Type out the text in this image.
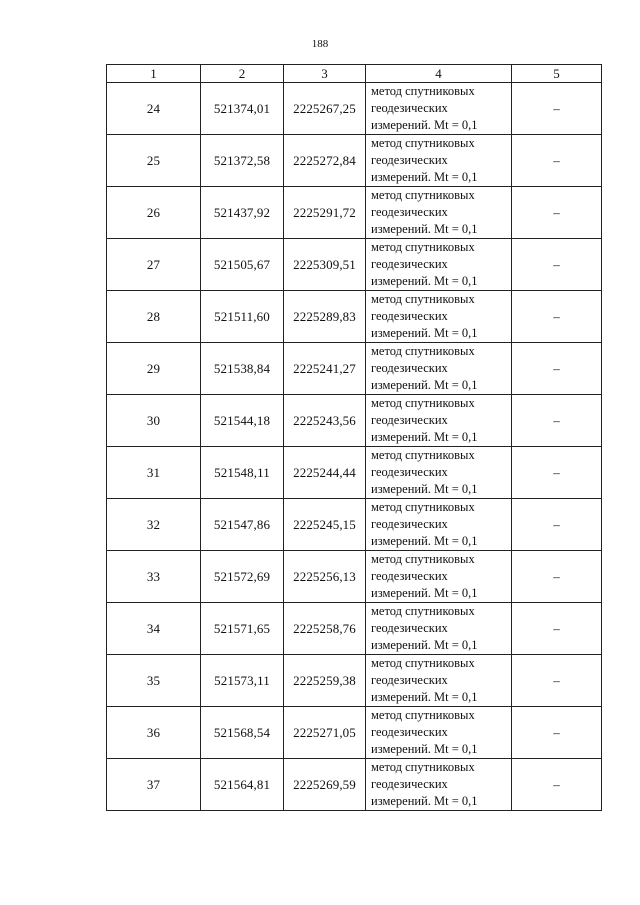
188
1	2	3	4	5
24	521374,01	2225267,25	метод спутниковых
геодезических
измерений. Mt = 0,1	–
25	521372,58	2225272,84	метод спутниковых
геодезических
измерений. Mt = 0,1	–
26	521437,92	2225291,72	метод спутниковых
геодезических
измерений. Mt = 0,1	–
27	521505,67	2225309,51	метод спутниковых
геодезических
измерений. Mt = 0,1	–
28	521511,60	2225289,83	метод спутниковых
геодезических
измерений. Mt = 0,1	–
29	521538,84	2225241,27	метод спутниковых
геодезических
измерений. Mt = 0,1	–
30	521544,18	2225243,56	метод спутниковых
геодезических
измерений. Mt = 0,1	–
31	521548,11	2225244,44	метод спутниковых
геодезических
измерений. Mt = 0,1	–
32	521547,86	2225245,15	метод спутниковых
геодезических
измерений. Mt = 0,1	–
33	521572,69	2225256,13	метод спутниковых
геодезических
измерений. Mt = 0,1	–
34	521571,65	2225258,76	метод спутниковых
геодезических
измерений. Mt = 0,1	–
35	521573,11	2225259,38	метод спутниковых
геодезических
измерений. Mt = 0,1	–
36	521568,54	2225271,05	метод спутниковых
геодезических
измерений. Mt = 0,1	–
37	521564,81	2225269,59	метод спутниковых
геодезических
измерений. Mt = 0,1	–
